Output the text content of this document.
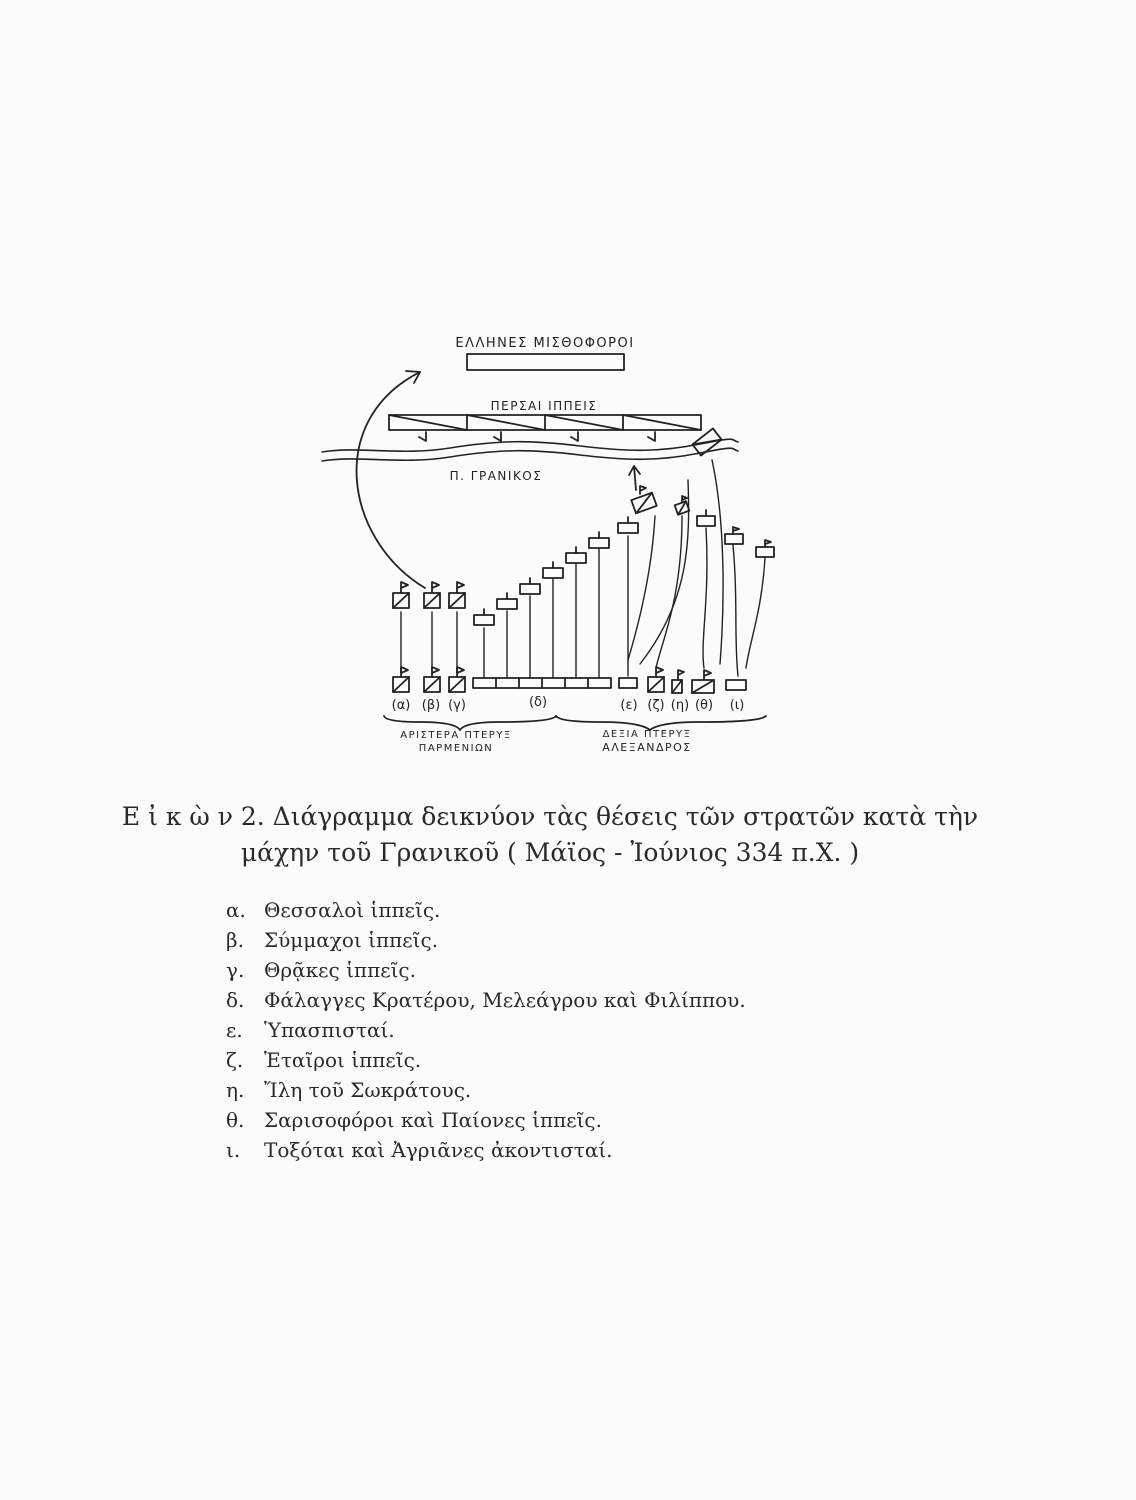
ΕΛΛΗΝΕΣ ΜΙΣΘΟΦΟΡΟΙ
ΠΕΡΣΑΙ ΙΠΠΕΙΣ
Π. ΓΡΑΝΙΚΟΣ
(α) (β) (γ)	(δ)	(ε) (ζ) (η) (θ) (ι)
ΑΡΙΣΤΕΡΑ ΠΤΕΡΥΞ
ΠΑΡΜΕΝΙΩΝ
ΔΕΞΙΑ ΠΤΕΡΥΞ
ΑΛΕΞΑΝΔΡΟΣ
Ε ἰ κ ὼ ν 2. Διάγραμμα δεικνύον τὰς θέσεις τῶν στρατῶν κατὰ τὴν
μάχην τοῦ Γρανικοῦ ( Μάϊος - Ἰούνιος 334 π.Χ. )
α. Θεσσαλοὶ ἱππεῖς.
β.	Σύμμαχοι ἱππεῖς.
γ. Θρᾷκες ἱππεῖς.
δ. Φάλαγγες Κρατέρου, Μελεάγρου καὶ Φιλίππου.
ε.	Ὑπασπισταί.
ζ.	Ἑταῖροι ἱππεῖς.
η. Ἴλη τοῦ Σωκράτους.
θ. Σαρισοφόροι καὶ Παίονες ἱππεῖς.
ι.	Τοξόται καὶ Ἀγριᾶνες ἀκοντισταί.
